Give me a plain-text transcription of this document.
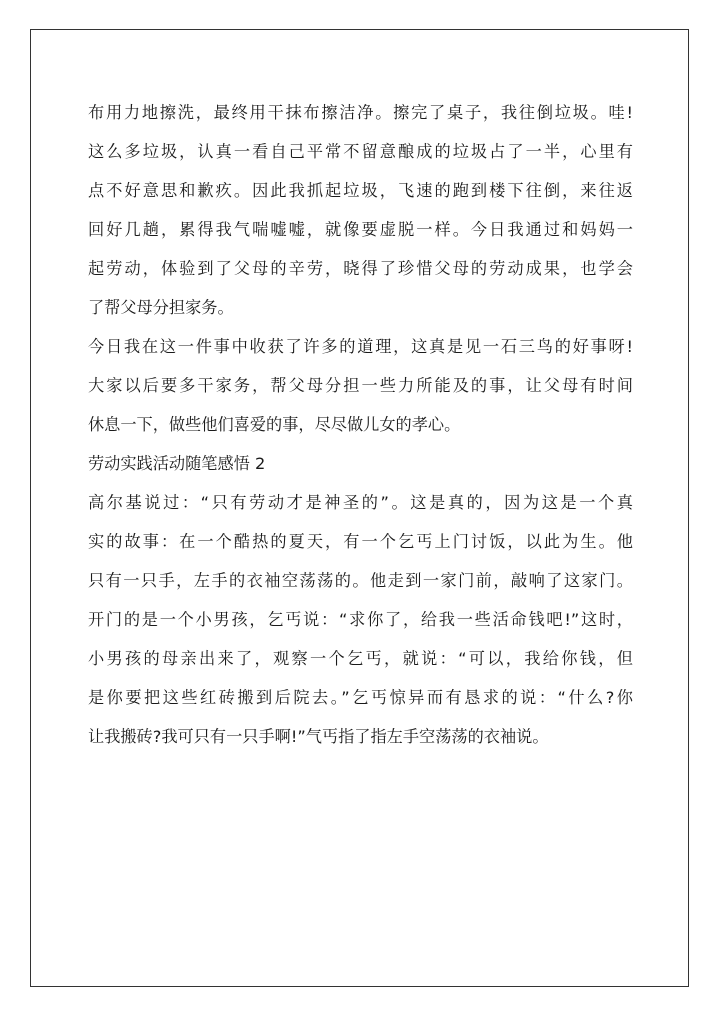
布用力地擦洗，最终用干抹布擦洁净。擦完了桌子，我往倒垃圾。哇!
这么多垃圾，认真一看自己平常不留意酿成的垃圾占了一半，心里有
点不好意思和歉疚。因此我抓起垃圾，飞速的跑到楼下往倒，来往返
回好几趟，累得我气喘嘘嘘，就像要虚脱一样。今日我通过和妈妈一
起劳动，体验到了父母的辛劳，晓得了珍惜父母的劳动成果，也学会
了帮父母分担家务。
今日我在这一件事中收获了许多的道理，这真是见一石三鸟的好事呀!
大家以后要多干家务，帮父母分担一些力所能及的事，让父母有时间
休息一下，做些他们喜爱的事，尽尽做儿女的孝心。
劳动实践活动随笔感悟 2
高尔基说过：“只有劳动才是神圣的”。这是真的，因为这是一个真
实的故事：在一个酷热的夏天，有一个乞丐上门讨饭，以此为生。他
只有一只手，左手的衣袖空荡荡的。他走到一家门前，敲响了这家门。
开门的是一个小男孩，乞丐说：“求你了，给我一些活命钱吧!”这时，
小男孩的母亲出来了，观察一个乞丐，就说：“可以，我给你钱，但
是你要把这些红砖搬到后院去。”乞丐惊异而有恳求的说：“什么?你
让我搬砖?我可只有一只手啊!”气丐指了指左手空荡荡的衣袖说。
